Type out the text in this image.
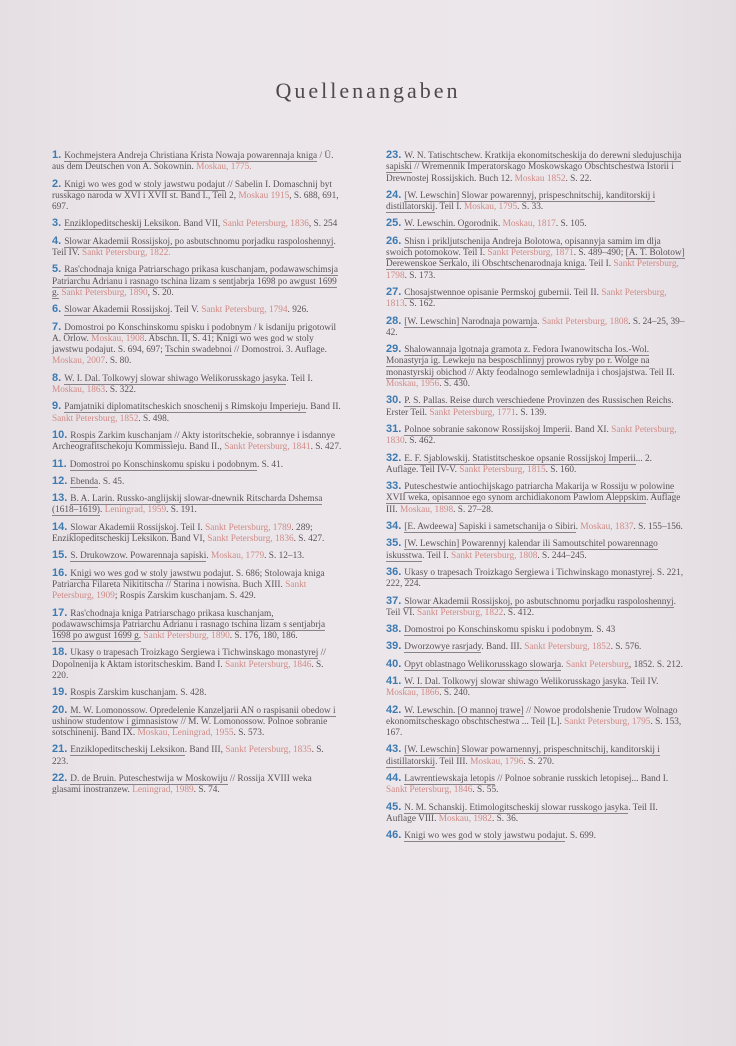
Quellenangaben
1. Kochmejstera Andreja Christiana Krista Nowaja powarennaja kniga / Ü. aus dem Deutschen von A. Sokownin. Moskau, 1775.
2. Knigi wo wes god w stoly jawstwu podajut // Sabelin I. Domaschnij byt russkago naroda w XVI i XVII st. Band I., Teil 2, Moskau 1915, S. 688, 691, 697.
3. Enziklopeditscheskij Leksikon. Band VII, Sankt Petersburg, 1836, S. 254
4. Slowar Akademii Rossijskoj, po asbutschnomu porjadku raspoloshennyj. Teil IV. Sankt Petersburg, 1822.
5. Ras'chodnaja kniga Patriarschago prikasa kuschanjam, podawawschimsja Patriarchu Adrianu i rasnago tschina lizam s sentjabrja 1698 po awgust 1699 g. Sankt Petersburg, 1890, S. 20.
6. Slowar Akademii Rossijskoj. Teil V. Sankt Petersburg, 1794. 926.
7. Domostroi po Konschinskomu spisku i podobnym / k isdaniju prigotowil A. Orlow. Moskau, 1908. Abschn. II, S. 41; Knigi wo wes god w stoly jawstwu podajut. S. 694, 697; Tschin swadebnoi // Domostroi. 3. Auflage. Moskau, 2007. S. 80.
8. W. I. Dal. Tolkowyj slowar shiwago Welikorusskago jasyka. Teil I. Moskau, 1863. S. 322.
9. Pamjatniki diplomatitscheskich snoschenij s Rimskoju Imperieju. Band II. Sankt Petersburg, 1852. S. 498.
10. Rospis Zarkim kuschanjam // Akty istoritschekie, sobrannye i isdannye Archeografitschekoju Kommissieju. Band II., Sankt Petersburg, 1841. S. 427.
11. Domostroi po Konschinskomu spisku i podobnym. S. 41.
12. Ebenda. S. 45.
13. B. A. Larin. Russko-anglijskij slowar-dnewnik Ritscharda Dshemsa (1618–1619). Leningrad, 1959. S. 191.
14. Slowar Akademii Rossijskoj. Teil I. Sankt Petersburg, 1789. 289; Enziklopeditscheskij Leksikon. Band VI, Sankt Petersburg, 1836. S. 427.
15. S. Drukowzow. Powarennaja sapiski. Moskau, 1779. S. 12–13.
16. Knigi wo wes god w stoly jawstwu podajut. S. 686; Stolowaja kniga Patriarcha Filareta Nikititscha // Starina i nowisna. Buch XIII. Sankt Petersburg, 1909; Rospis Zarskim kuschanjam. S. 429.
17. Ras'chodnaja kniga Patriarschago prikasa kuschanjam, podawawschimsja Patriarchu Adrianu i rasnago tschina lizam s sentjabrja 1698 po awgust 1699 g. Sankt Petersburg, 1890. S. 176, 180, 186.
18. Ukasy o trapesach Troizkago Sergiewa i Tichwinskago monastyrej // Dopolnenija k Aktam istoritscheskim. Band I. Sankt Petersburg, 1846. S. 220.
19. Rospis Zarskim kuschanjam. S. 428.
20. M. W. Lomonossow. Opredelenie Kanzeljarii AN o raspisanii obedow i ushinow studentow i gimnasistow // M. W. Lomonossow. Polnoe sobranie sotschinenij. Band IX. Moskau, Leningrad, 1955. S. 573.
21. Enziklopeditscheskij Leksikon. Band III, Sankt Petersburg, 1835. S. 223.
22. D. de Bruin. Puteschestwija w Moskowiju // Rossija XVIII weka glasami inostranzew. Leningrad, 1989. S. 74.
23. W. N. Tatischtschew. Kratkija ekonomitscheskija do derewni sledujuschija sapiski // Wremennik Imperatorskago Moskowskago Obschtschestwa Istorii i Drewnostej Rossijskich. Buch 12. Moskau 1852. S. 22.
24. [W. Lewschin] Slowar powarennyj, prispeschnitschij, kanditorskij i distillatorskij. Teil I. Moskau, 1795. S. 33.
25. W. Lewschin. Ogorodnik. Moskau, 1817. S. 105.
26. Shisn i prikljutschenija Andreja Bolotowa, opisannyja samim im dlja swoich potomokow. Teil I. Sankt Petersburg, 1871. S. 489–490; [A. T. Bolotow] Derewenskoe Serkalo, ili Obschtschenarodnaja kniga. Teil I. Sankt Petersburg, 1798. S. 173.
27. Chosajstwennoe opisanie Permskoj gubernii. Teil II. Sankt Petersburg, 1813. S. 162.
28. [W. Lewschin] Narodnaja powarnja. Sankt Petersburg, 1808. S. 24–25, 39–42.
29. Shalowannaja lgotnaja gramota z. Fedora Iwanowitscha Ios.-Wol. Monastyrja ig. Lewkeju na besposchlinnyj prowos ryby po r. Wolge na monastyrskij obichod // Akty feodalnogo semlewladnija i chosjajstwa. Teil II. Moskau, 1956. S. 430.
30. P. S. Pallas. Reise durch verschiedene Provinzen des Russischen Reichs. Erster Teil. Sankt Petersburg, 1771. S. 139.
31. Polnoe sobranie sakonow Rossijskoj Imperii. Band XI. Sankt Petersburg, 1830. S. 462.
32. E. F. Sjablowskij. Statistitscheskoe opsanie Rossijskoj Imperii... 2. Auflage. Teil IV-V. Sankt Petersburg, 1815. S. 160.
33. Puteschestwie antiochijskago patriarcha Makarija w Rossiju w polowine XVII weka, opisannoe ego synom archidiakonom Pawlom Aleppskim. Auflage III. Moskau, 1898. S. 27–28.
34. [E. Awdeewa] Sapiski i sametschanija o Sibiri. Moskau, 1837. S. 155–156.
35. [W. Lewschin] Powarennyj kalendar ili Samoutschitel powarennago iskusstwa. Teil I. Sankt Petersburg, 1808. S. 244–245.
36. Ukasy o trapesach Troizkago Sergiewa i Tichwinskago monastyrej. S. 221, 222, 224.
37. Slowar Akademii Rossijskoj, po asbutschnomu porjadku raspoloshennyj. Teil VI. Sankt Petersburg, 1822. S. 412.
38. Domostroi po Konschinskomu spisku i podobnym. S. 43
39. Dworzowye rasrjady. Band. III. Sankt Petersburg, 1852. S. 576.
40. Opyt oblastnago Welikorusskago slowarja. Sankt Petersburg, 1852. S. 212.
41. W. I. Dal. Tolkowyj slowar shiwago Welikorusskago jasyka. Teil IV. Moskau, 1866. S. 240.
42. W. Lewschin. [O mannoj trawe] // Nowoe prodolshenie Trudow Wolnago ekonomitscheskago obschtschestwa ... Teil [L]. Sankt Petersburg, 1795. S. 153, 167.
43. [W. Lewschin] Slowar powarnennyj, prispeschnitschij, kanditorskij i distillatorskij. Teil III. Moskau, 1796. S. 270.
44. Lawrentiewskaja letopis // Polnoe sobranie russkich letopisej... Band I. Sankt Petersburg, 1846. S. 55.
45. N. M. Schanskij. Etimologitscheskij slowar russkogo jasyka. Teil II. Auflage VIII. Moskau, 1982. S. 36.
46. Knigi wo wes god w stoly jawstwu podajut. S. 699.
